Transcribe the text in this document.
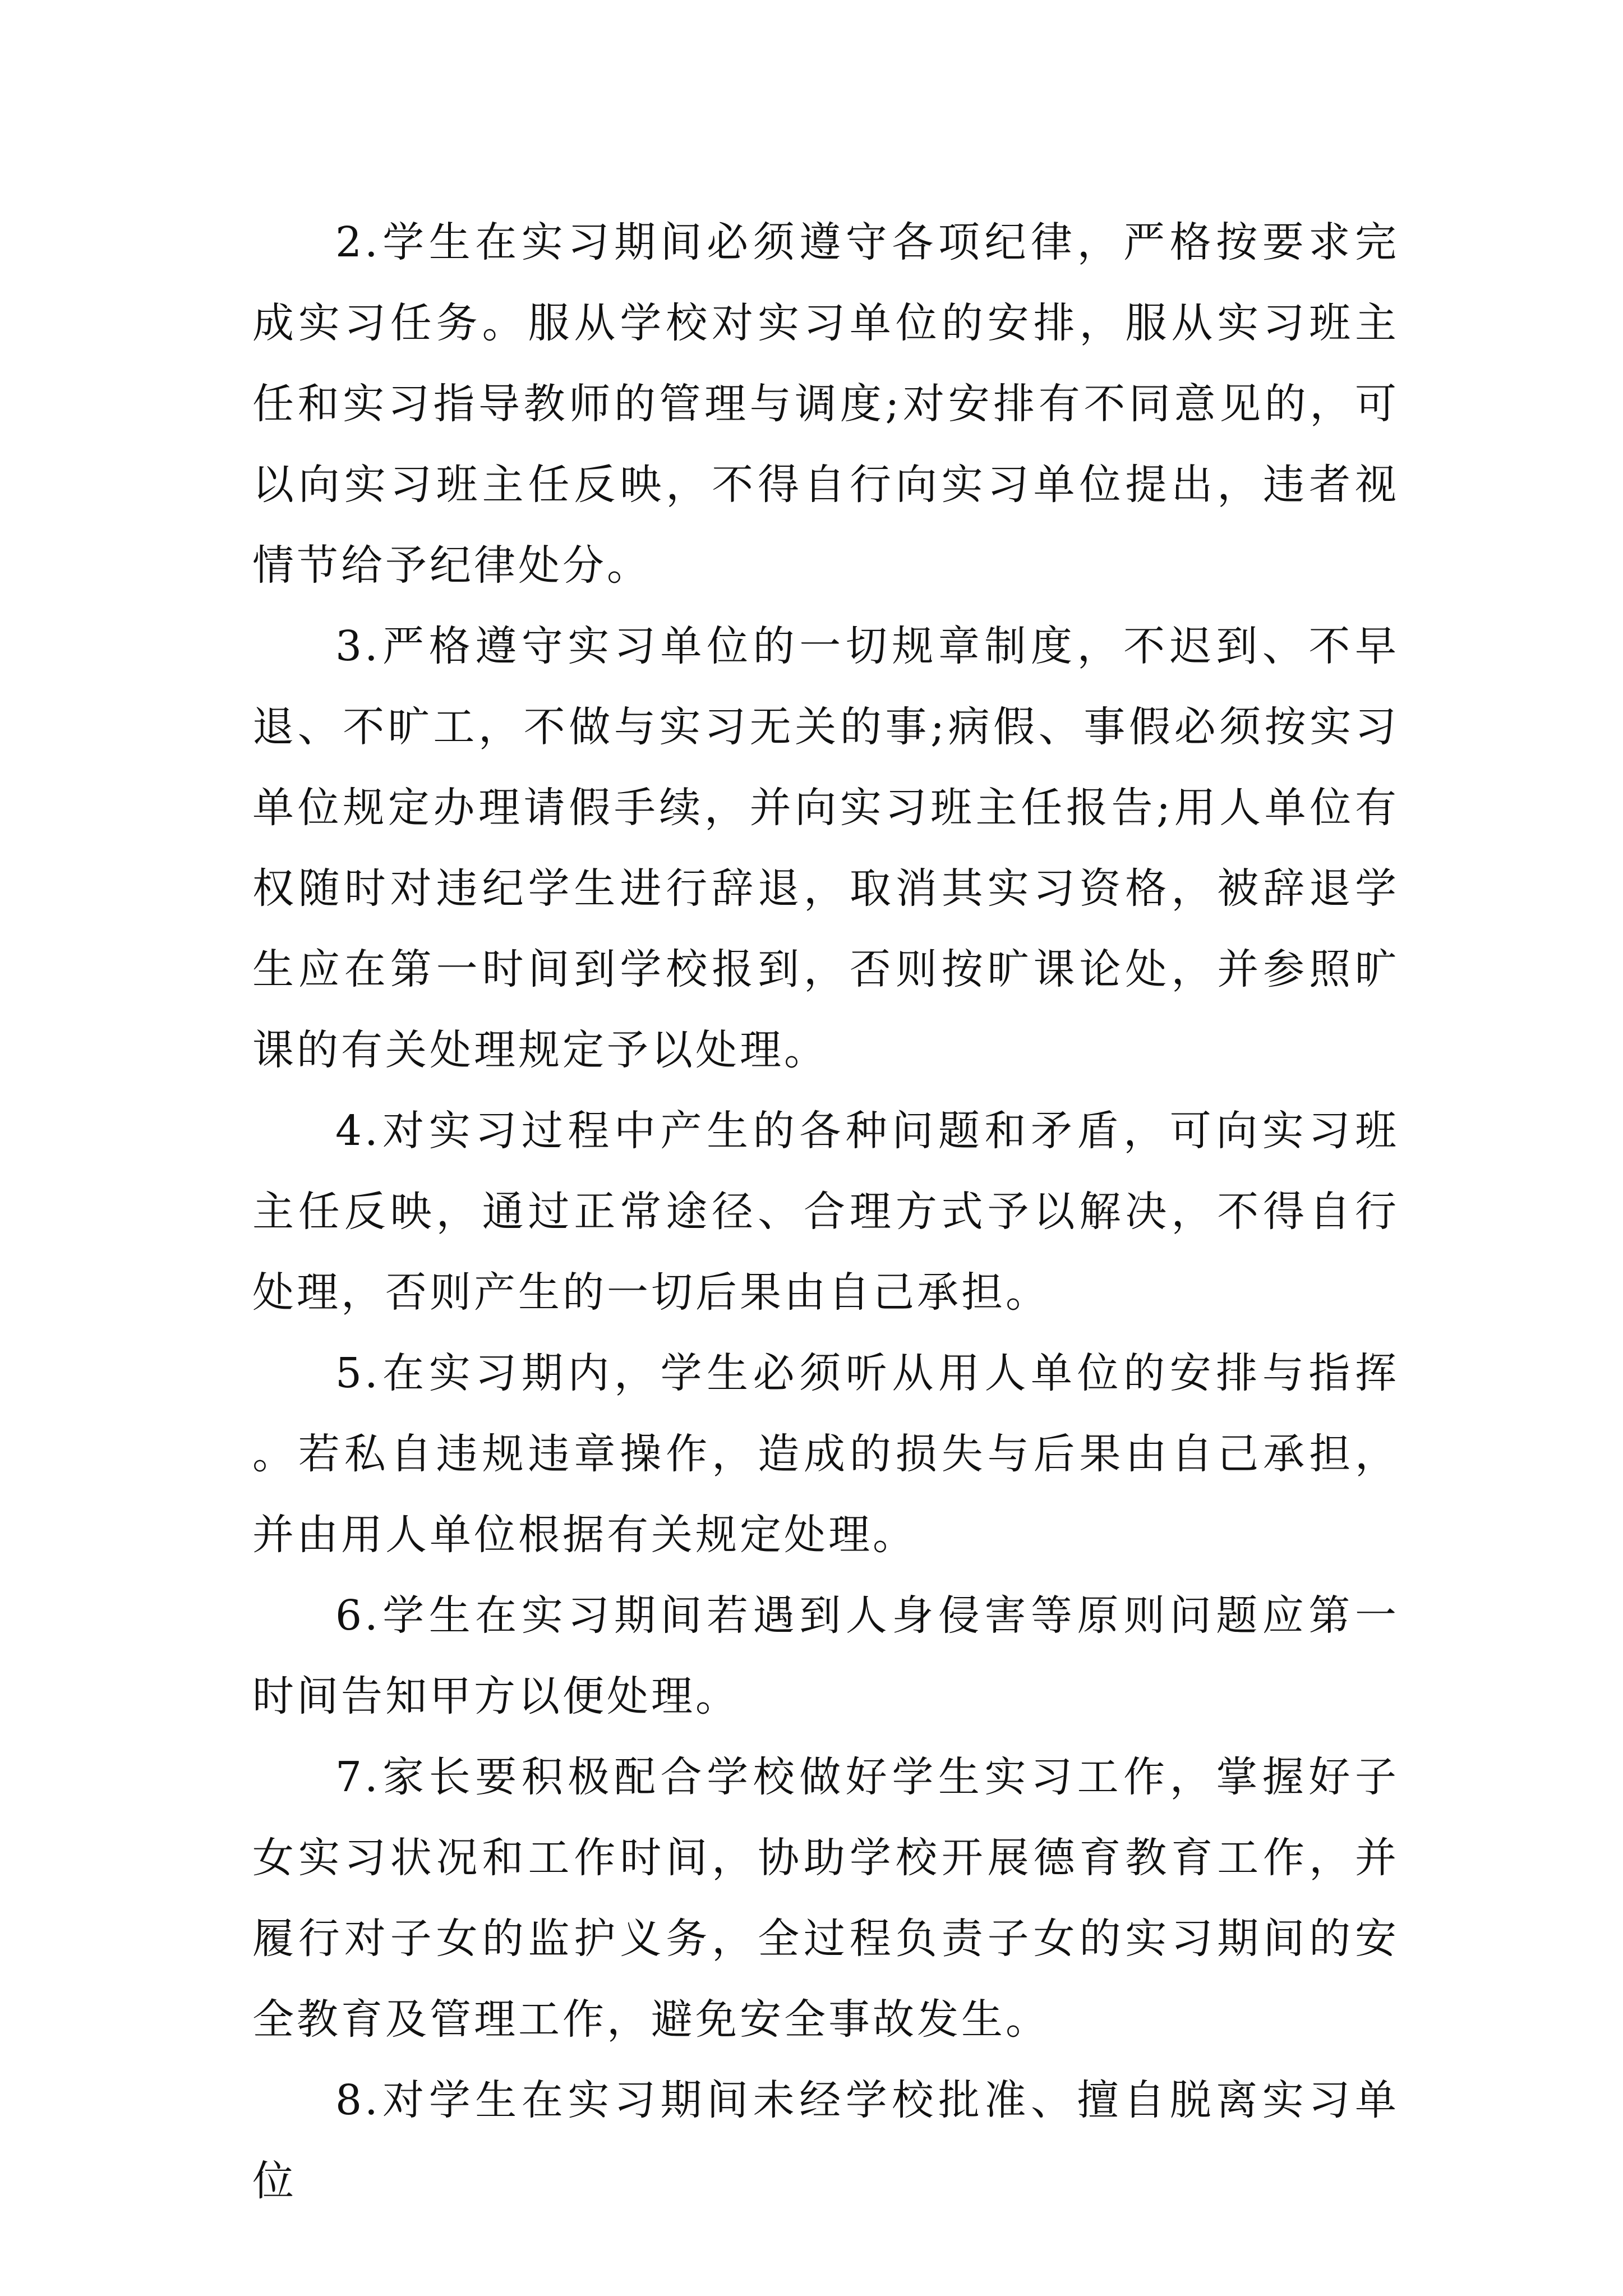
2.学生在实习期间必须遵守各项纪律，严格按要求完成实习任务。服从学校对实习单位的安排，服从实习班主任和实习指导教师的管理与调度;对安排有不同意见的，可以向实习班主任反映，不得自行向实习单位提出，违者视情节给予纪律处分。

3.严格遵守实习单位的一切规章制度，不迟到、不早退、不旷工，不做与实习无关的事;病假、事假必须按实习单位规定办理请假手续，并向实习班主任报告;用人单位有权随时对违纪学生进行辞退，取消其实习资格，被辞退学生应在第一时间到学校报到，否则按旷课论处，并参照旷课的有关处理规定予以处理。

4.对实习过程中产生的各种问题和矛盾，可向实习班主任反映，通过正常途径、合理方式予以解决，不得自行处理，否则产生的一切后果由自己承担。

5.在实习期内，学生必须听从用人单位的安排与指挥。若私自违规违章操作，造成的损失与后果由自己承担，并由用人单位根据有关规定处理。

6.学生在实习期间若遇到人身侵害等原则问题应第一时间告知甲方以便处理。

7.家长要积极配合学校做好学生实习工作，掌握好子女实习状况和工作时间，协助学校开展德育教育工作，并履行对子女的监护义务，全过程负责子女的实习期间的安全教育及管理工作，避免安全事故发生。

8.对学生在实习期间未经学校批准、擅自脱离实习单位
